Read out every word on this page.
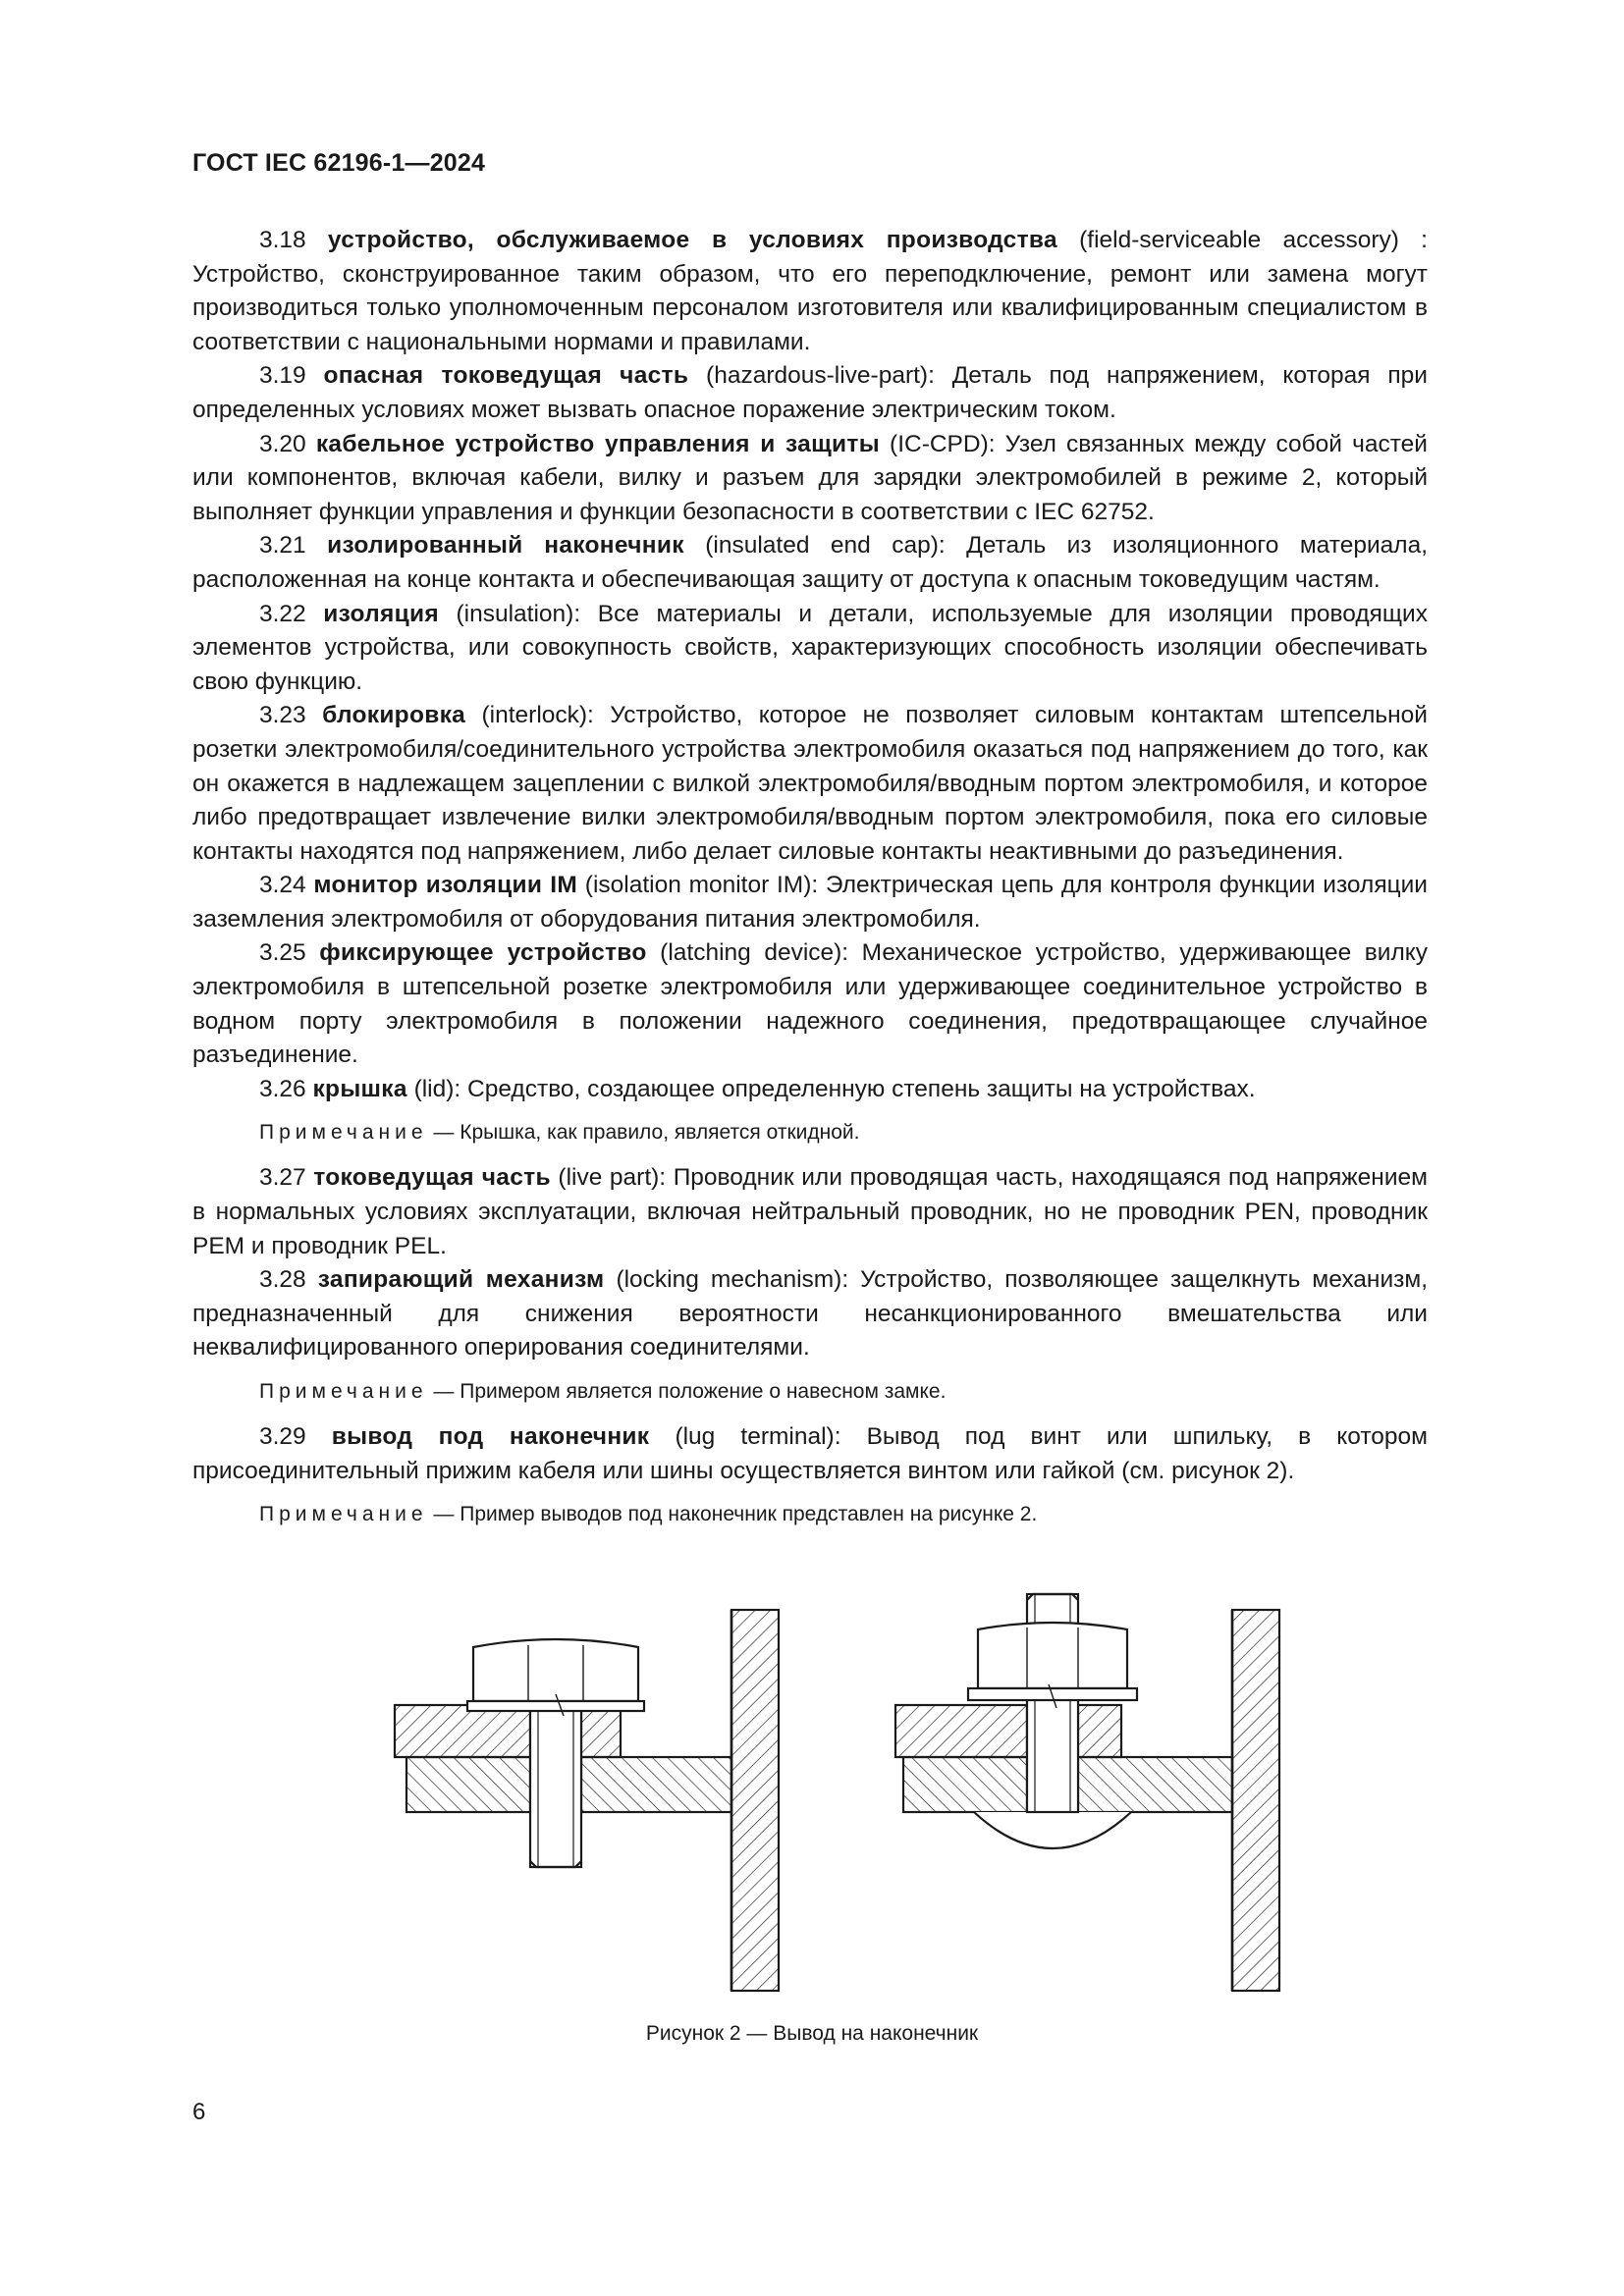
ГОСТ IEC 62196-1—2024

3.18 устройство, обслуживаемое в условиях производства (field-serviceable accessory) : Устройство, сконструированное таким образом, что его переподключение, ремонт или замена могут производиться только уполномоченным персоналом изготовителя или квалифицированным специалистом в соответствии с национальными нормами и правилами.

3.19 опасная токоведущая часть (hazardous-live-part): Деталь под напряжением, которая при определенных условиях может вызвать опасное поражение электрическим током.

3.20 кабельное устройство управления и защиты (IC-CPD): Узел связанных между собой частей или компонентов, включая кабели, вилку и разъем для зарядки электромобилей в режиме 2, который выполняет функции управления и функции безопасности в соответствии с IEC 62752.

3.21 изолированный наконечник (insulated end cap): Деталь из изоляционного материала, расположенная на конце контакта и обеспечивающая защиту от доступа к опасным токоведущим частям.

3.22 изоляция (insulation): Все материалы и детали, используемые для изоляции проводящих элементов устройства, или совокупность свойств, характеризующих способность изоляции обеспечивать свою функцию.

3.23 блокировка (interlock): Устройство, которое не позволяет силовым контактам штепсельной розетки электромобиля/соединительного устройства электромобиля оказаться под напряжением до того, как он окажется в надлежащем зацеплении с вилкой электромобиля/вводным портом электромобиля, и которое либо предотвращает извлечение вилки электромобиля/вводным портом электромобиля, пока его силовые контакты находятся под напряжением, либо делает силовые контакты неактивными до разъединения.

3.24 монитор изоляции IM (isolation monitor IM): Электрическая цепь для контроля функции изоляции заземления электромобиля от оборудования питания электромобиля.

3.25 фиксирующее устройство (latching device): Механическое устройство, удерживающее вилку электромобиля в штепсельной розетке электромобиля или удерживающее соединительное устройство в водном порту электромобиля в положении надежного соединения, предотвращающее случайное разъединение.

3.26 крышка (lid): Средство, создающее определенную степень защиты на устройствах.

Примечание — Крышка, как правило, является откидной.

3.27 токоведущая часть (live part): Проводник или проводящая часть, находящаяся под напряжением в нормальных условиях эксплуатации, включая нейтральный проводник, но не проводник PEN, проводник PEM и проводник PEL.

3.28 запирающий механизм (locking mechanism): Устройство, позволяющее защелкнуть механизм, предназначенный для снижения вероятности несанкционированного вмешательства или неквалифицированного оперирования соединителями.

Примечание — Примером является положение о навесном замке.

3.29 вывод под наконечник (lug terminal): Вывод под винт или шпильку, в котором присоединительный прижим кабеля или шины осуществляется винтом или гайкой (см. рисунок 2).

Примечание — Пример выводов под наконечник представлен на рисунке 2.

Рисунок 2 — Вывод на наконечник
6
